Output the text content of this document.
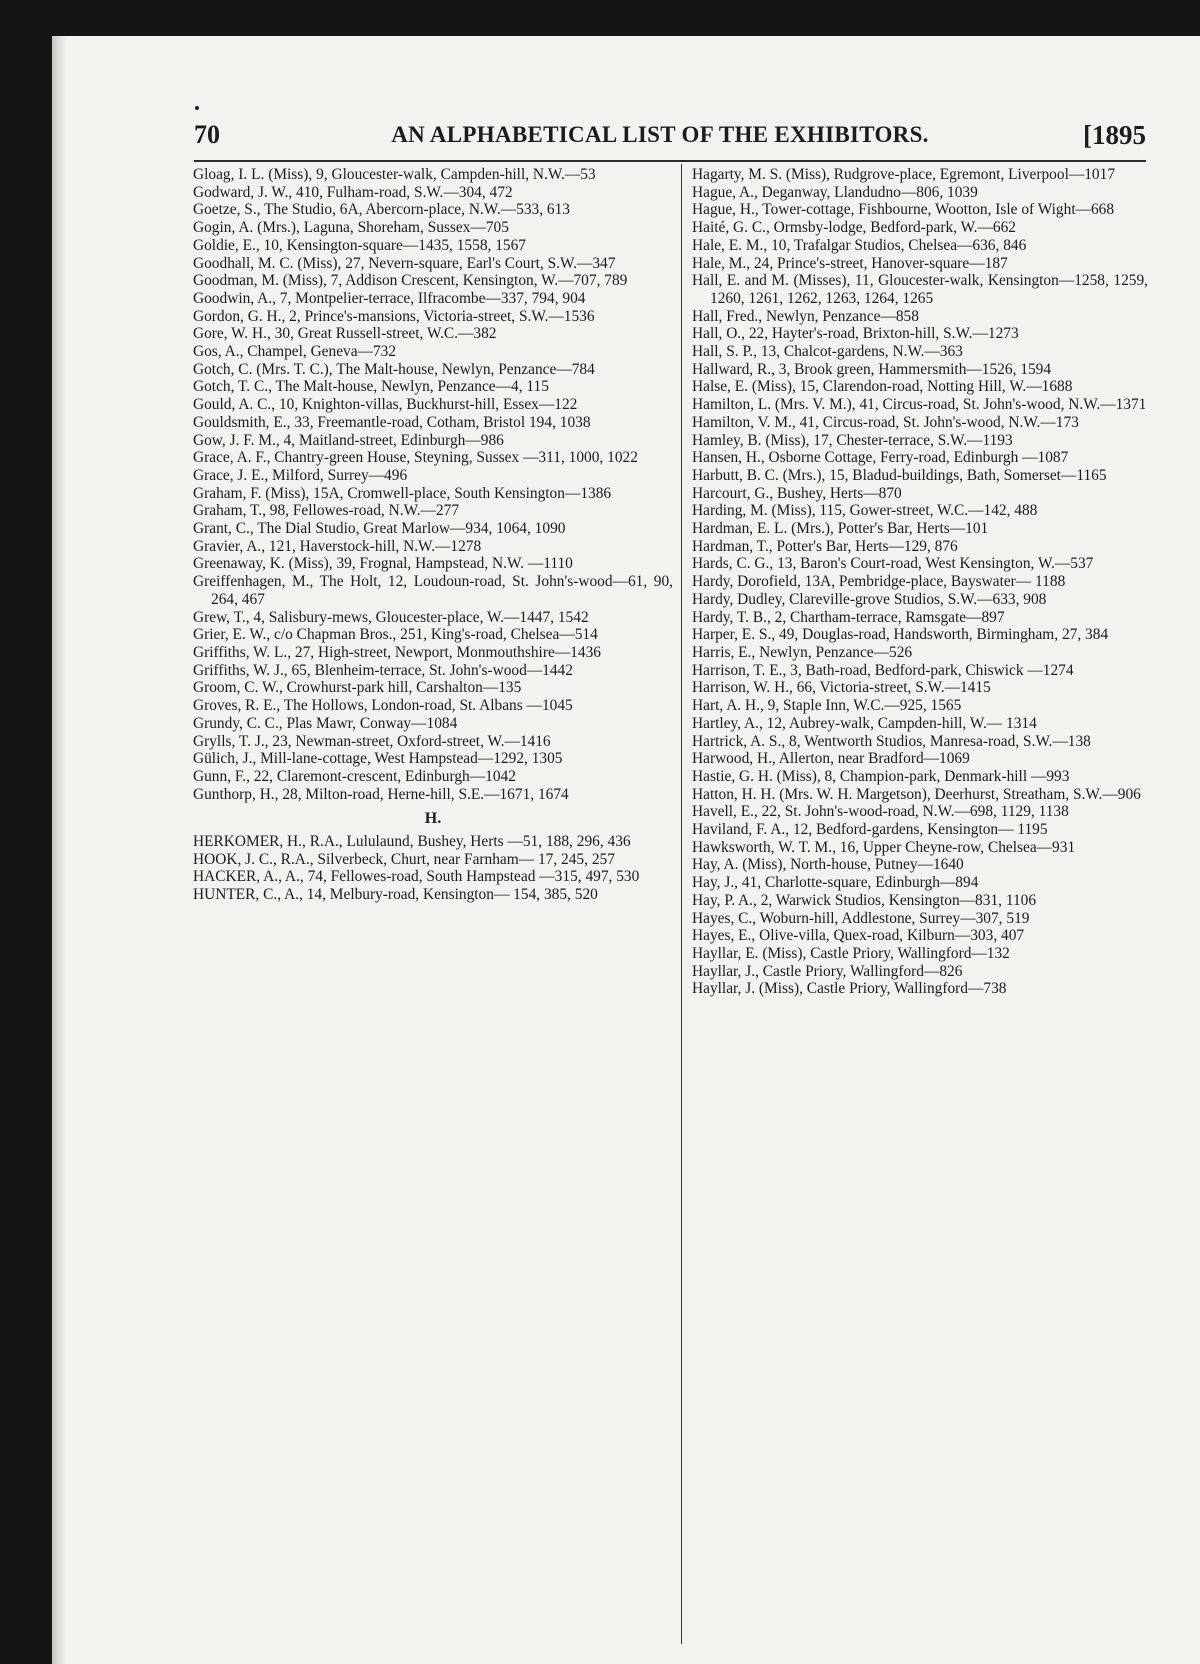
70	AN ALPHABETICAL LIST OF THE EXHIBITORS.	[1895
Gloag, I. L. (Miss), 9, Gloucester-walk, Campden-hill, N.W.—53
Godward, J. W., 410, Fulham-road, S.W.—304, 472
Goetze, S., The Studio, 6A, Abercorn-place, N.W.—533, 613
Gogin, A. (Mrs.), Laguna, Shoreham, Sussex—705
Goldie, E., 10, Kensington-square—1435, 1558, 1567
Goodhall, M. C. (Miss), 27, Nevern-square, Earl's Court, S.W.—347
Goodman, M. (Miss), 7, Addison Crescent, Kensington, W.—707, 789
Goodwin, A., 7, Montpelier-terrace, Ilfracombe—337, 794, 904
Gordon, G. H., 2, Prince's-mansions, Victoria-street, S.W.—1536
Gore, W. H., 30, Great Russell-street, W.C.—382
Gos, A., Champel, Geneva—732
Gotch, C. (Mrs. T. C.), The Malt-house, Newlyn, Penzance—784
Gotch, T. C., The Malt-house, Newlyn, Penzance—4, 115
Gould, A. C., 10, Knighton-villas, Buckhurst-hill, Essex—122
Gouldsmith, E., 33, Freemantle-road, Cotham, Bristol 194, 1038
Gow, J. F. M., 4, Maitland-street, Edinburgh—986
Grace, A. F., Chantry-green House, Steyning, Sussex —311, 1000, 1022
Grace, J. E., Milford, Surrey—496
Graham, F. (Miss), 15A, Cromwell-place, South Kensington—1386
Graham, T., 98, Fellowes-road, N.W.—277
Grant, C., The Dial Studio, Great Marlow—934, 1064, 1090
Gravier, A., 121, Haverstock-hill, N.W.—1278
Greenaway, K. (Miss), 39, Frognal, Hampstead, N.W. —1110
Greiffenhagen, M., The Holt, 12, Loudoun-road, St. John's-wood—61, 90, 264, 467
Grew, T., 4, Salisbury-mews, Gloucester-place, W.—1447, 1542
Grier, E. W., c/o Chapman Bros., 251, King's-road, Chelsea—514
Griffiths, W. L., 27, High-street, Newport, Monmouthshire—1436
Griffiths, W. J., 65, Blenheim-terrace, St. John's-wood—1442
Groom, C. W., Crowhurst-park hill, Carshalton—135
Groves, R. E., The Hollows, London-road, St. Albans —1045
Grundy, C. C., Plas Mawr, Conway—1084
Grylls, T. J., 23, Newman-street, Oxford-street, W.—1416
Gülich, J., Mill-lane-cottage, West Hampstead—1292, 1305
Gunn, F., 22, Claremont-crescent, Edinburgh—1042
Gunthorp, H., 28, Milton-road, Herne-hill, S.E.—1671, 1674
H.
HERKOMER, H., R.A., Lululaund, Bushey, Herts —51, 188, 296, 436
HOOK, J. C., R.A., Silverbeck, Churt, near Farnham— 17, 245, 257
HACKER, A., A., 74, Fellowes-road, South Hampstead —315, 497, 530
HUNTER, C., A., 14, Melbury-road, Kensington— 154, 385, 520
Hagarty, M. S. (Miss), Rudgrove-place, Egremont, Liverpool—1017
Hague, A., Deganway, Llandudno—806, 1039
Hague, H., Tower-cottage, Fishbourne, Wootton, Isle of Wight—668
Haité, G. C., Ormsby-lodge, Bedford-park, W.—662
Hale, E. M., 10, Trafalgar Studios, Chelsea—636, 846
Hale, M., 24, Prince's-street, Hanover-square—187
Hall, E. and M. (Misses), 11, Gloucester-walk, Kensington—1258, 1259, 1260, 1261, 1262, 1263, 1264, 1265
Hall, Fred., Newlyn, Penzance—858
Hall, O., 22, Hayter's-road, Brixton-hill, S.W.—1273
Hall, S. P., 13, Chalcot-gardens, N.W.—363
Hallward, R., 3, Brook green, Hammersmith—1526, 1594
Halse, E. (Miss), 15, Clarendon-road, Notting Hill, W.—1688
Hamilton, L. (Mrs. V. M.), 41, Circus-road, St. John's-wood, N.W.—1371
Hamilton, V. M., 41, Circus-road, St. John's-wood, N.W.—173
Hamley, B. (Miss), 17, Chester-terrace, S.W.—1193
Hansen, H., Osborne Cottage, Ferry-road, Edinburgh —1087
Harbutt, B. C. (Mrs.), 15, Bladud-buildings, Bath, Somerset—1165
Harcourt, G., Bushey, Herts—870
Harding, M. (Miss), 115, Gower-street, W.C.—142, 488
Hardman, E. L. (Mrs.), Potter's Bar, Herts—101
Hardman, T., Potter's Bar, Herts—129, 876
Hards, C. G., 13, Baron's Court-road, West Kensington, W.—537
Hardy, Dorofield, 13A, Pembridge-place, Bayswater— 1188
Hardy, Dudley, Clareville-grove Studios, S.W.—633, 908
Hardy, T. B., 2, Chartham-terrace, Ramsgate—897
Harper, E. S., 49, Douglas-road, Handsworth, Birmingham, 27, 384
Harris, E., Newlyn, Penzance—526
Harrison, T. E., 3, Bath-road, Bedford-park, Chiswick —1274
Harrison, W. H., 66, Victoria-street, S.W.—1415
Hart, A. H., 9, Staple Inn, W.C.—925, 1565
Hartley, A., 12, Aubrey-walk, Campden-hill, W.— 1314
Hartrick, A. S., 8, Wentworth Studios, Manresa-road, S.W.—138
Harwood, H., Allerton, near Bradford—1069
Hastie, G. H. (Miss), 8, Champion-park, Denmark-hill —993
Hatton, H. H. (Mrs. W. H. Margetson), Deerhurst, Streatham, S.W.—906
Havell, E., 22, St. John's-wood-road, N.W.—698, 1129, 1138
Haviland, F. A., 12, Bedford-gardens, Kensington— 1195
Hawksworth, W. T. M., 16, Upper Cheyne-row, Chelsea—931
Hay, A. (Miss), North-house, Putney—1640
Hay, J., 41, Charlotte-square, Edinburgh—894
Hay, P. A., 2, Warwick Studios, Kensington—831, 1106
Hayes, C., Woburn-hill, Addlestone, Surrey—307, 519
Hayes, E., Olive-villa, Quex-road, Kilburn—303, 407
Hayllar, E. (Miss), Castle Priory, Wallingford—132
Hayllar, J., Castle Priory, Wallingford—826
Hayllar, J. (Miss), Castle Priory, Wallingford—738
